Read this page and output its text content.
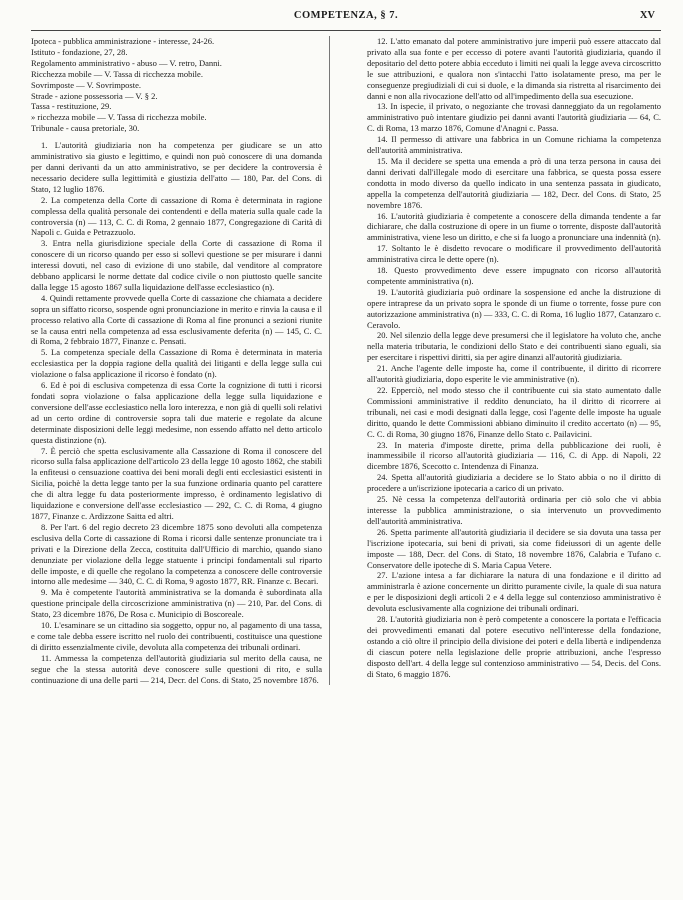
COMPETENZA, § 7.	XV

Ipoteca - pubblica amministrazione - interesse, 24-26.

Istituto - fondazione, 27, 28.

Regolamento amministrativo - abuso — V. retro, Danni.

Ricchezza mobile — V. Tassa di ricchezza mobile.

Sovrimposte — V. Sovrimposte.

Strade - azione possessoria — V. § 2.

Tassa - restituzione, 29.

» ricchezza mobile — V. Tassa di ricchezza mobile.

Tribunale - causa pretoriale, 30.

1. L'autorità giudiziaria non ha competenza per giudicare se un atto amministrativo sia giusto e legittimo, e quindi non può conoscere di una domanda per danni derivanti da un atto amministrativo, se per decidere la controversia è necessario decidere sulla legittimità e giustizia dell'atto — 180, Par. del Cons. di Stato, 12 luglio 1876.

2. La competenza della Corte di cassazione di Roma è determinata in ragione complessa della qualità personale dei contendenti e della materia sulla quale cade la controversia (n) — 113, C. C. di Roma, 2 gennaio 1877, Congregazione di Carità di Napoli c. Guida e Petrazzuolo.

3. Entra nella giurisdizione speciale della Corte di cassazione di Roma il conoscere di un ricorso quando per esso si sollevi questione se per misurare i danni interessi dovuti, nel caso di evizione di uno stabile, dal venditore al compratore debbano applicarsi le norme dettate dal codice civile o non piuttosto quelle sancite dalla legge 15 agosto 1867 sulla liquidazione dell'asse ecclesiastico (n).

4. Quindi rettamente provvede quella Corte di cassazione che chiamata a decidere sopra un siffatto ricorso, sospende ogni pronunciazione in merito e rinvia la causa e il processo relativo alla Corte di cassazione di Roma al fine pronunci a sezioni riunite se la causa entri nella competenza ad essa esclusivamente deferita (n) — 145, C. C. di Roma, 2 febbraio 1877, Finanze c. Pensati.

5. La competenza speciale della Cassazione di Roma è determinata in materia ecclesiastica per la doppia ragione della qualità dei litiganti e della legge sulla cui violazione o falsa applicazione il ricorso è fondato (n).

6. Ed è poi di esclusiva competenza di essa Corte la cognizione di tutti i ricorsi fondati sopra violazione o falsa applicazione della legge sulla liquidazione e conversione dell'asse ecclesiastico nella loro interezza, e non già di quelli soli relativi ad un certo ordine di controversie sopra tali due materie e regolate da alcune determinate disposizioni delle leggi medesime, non essendo affatto nel detto articolo questa distinzione (n).

7. È perciò che spetta esclusivamente alla Cassazione di Roma il conoscere del ricorso sulla falsa applicazione dell'articolo 23 della legge 10 agosto 1862, che stabilì la enfiteusi o censuazione coattiva dei beni morali degli enti ecclesiastici esistenti in Sicilia, poichè la detta legge tanto per la sua funzione ordinaria quanto pel carattere che di altra legge fu data posteriormente impresso, è ordinamento legislativo di liquidazione e conversione dell'asse ecclesiastico — 292, C. C. di Roma, 4 giugno 1877, Finanze c. Ardizzone Saitta ed altri.

8. Per l'art. 6 del regio decreto 23 dicembre 1875 sono devoluti alla competenza esclusiva della Corte di cassazione di Roma i ricorsi dalle sentenze pronunciate tra i privati e la Direzione della Zecca, costituita dall'Ufficio di marchio, quando siano denunziate per violazione della legge statuente i principi fondamentali sul riparto delle imposte, e di quelle che regolano la competenza a conoscere delle controversie intorno alle medesime — 340, C. C. di Roma, 9 agosto 1877, RR. Finanze c. Becari.

9. Ma è competente l'autorità amministrativa se la domanda è subordinata alla questione principale della circoscrizione amministrativa (n) — 210, Par. del Cons. di Stato, 23 dicembre 1876, De Rosa c. Municipio di Boscoreale.

10. L'esaminare se un cittadino sia soggetto, oppur no, al pagamento di una tassa, e come tale debba essere iscritto nel ruolo dei contribuenti, costituisce una questione di diritto essenzialmente civile, devoluta alla competenza dei tribunali ordinari.

11. Ammessa la competenza dell'autorità giudiziaria sul merito della causa, ne segue che la stessa autorità deve conoscere sulle questioni di rito, e sulla continuazione di una delle parti — 214, Decr. del Cons. di Stato, 25 novembre 1876.

12. L'atto emanato dal potere amministrativo jure imperii può essere attaccato dal privato alla sua fonte e per eccesso di potere avanti l'autorità giudiziaria, quando il depositario del detto potere abbia ecceduto i limiti nei quali la legge aveva circoscritto le sue attribuzioni, e qualora non s'intacchi l'atto isolatamente preso, ma per le conseguenze pregiudiziali di cui si duole, e la dimanda sia ristretta al risarcimento dei danni e non alla rivocazione dell'atto od all'impedimento della sua esecuzione.

13. In ispecie, il privato, o negoziante che trovasi danneggiato da un regolamento amministrativo può intentare giudizio pei danni avanti l'autorità giudiziaria — 64, C. C. di Roma, 13 marzo 1876, Comune d'Anagni c. Passa.

14. Il permesso di attivare una fabbrica in un Comune richiama la competenza dell'autorità amministrativa.

15. Ma il decidere se spetta una emenda a prò di una terza persona in causa dei danni derivati dall'illegale modo di esercitare una fabbrica, se questa possa essere condotta in modo diverso da quello indicato in una sentenza passata in giudicato, appella la competenza dell'autorità giudiziaria — 182, Decr. del Cons. di Stato, 25 novembre 1876.

16. L'autorità giudiziaria è competente a conoscere della dimanda tendente a far dichiarare, che dalla costruzione di opere in un fiume o torrente, disposte dall'autorità amministrativa, viene leso un diritto, e che si fa luogo a pronunciare una indennità (n).

17. Soltanto le è disdetto revocare o modificare il provvedimento dell'autorità amministrativa circa le dette opere (n).

18. Questo provvedimento deve essere impugnato con ricorso all'autorità competente amministrativa (n).

19. L'autorità giudiziaria può ordinare la sospensione ed anche la distruzione di opere intraprese da un privato sopra le sponde di un fiume o torrente, fosse pure con autorizzazione amministrativa (n) — 333, C. C. di Roma, 16 luglio 1877, Catanzaro c. Ceravolo.

20. Nel silenzio della legge deve presumersi che il legislatore ha voluto che, anche nella materia tributaria, le condizioni dello Stato e dei contribuenti siano eguali, sia per esercitare i rispettivi diritti, sia per agire dinanzi all'autorità giudiziaria.

21. Anche l'agente delle imposte ha, come il contribuente, il diritto di ricorrere all'autorità giudiziaria, dopo esperite le vie amministrative (n).

22. Epperciò, nel modo stesso che il contribuente cui sia stato aumentato dalle Commissioni amministrative il reddito denunciato, ha il diritto di ricorrere ai tribunali, nei casi e modi designati dalla legge, così l'agente delle imposte ha uguale diritto, quando le dette Commissioni abbiano diminuito il credito accertato (n) — 95, C. C. di Roma, 30 giugno 1876, Finanze dello Stato c. Pailavicini.

23. In materia d'imposte dirette, prima della pubblicazione dei ruoli, è inammessibile il ricorso all'autorità giudiziaria — 116, C. di App. di Napoli, 22 dicembre 1876, Scecotto c. Intendenza di Finanza.

24. Spetta all'autorità giudiziaria a decidere se lo Stato abbia o no il diritto di procedere a un'iscrizione ipotecaria a carico di un privato.

25. Nè cessa la competenza dell'autorità ordinaria per ciò solo che vi abbia interesse la pubblica amministrazione, o sia intervenuto un provvedimento dell'autorità amministrativa.

26. Spetta parimente all'autorità giudiziaria il decidere se sia dovuta una tassa per l'iscrizione ipotecaria, sui beni di privati, sia come fideiussori di un agente delle imposte — 188, Decr. del Cons. di Stato, 18 novembre 1876, Calabria e Tufano c. Conservatore delle ipoteche di S. Maria Capua Vetere.

27. L'azione intesa a far dichiarare la natura di una fondazione e il diritto ad amministrarla è azione concernente un diritto puramente civile, la quale di sua natura e per le disposizioni degli articoli 2 e 4 della legge sul contenzioso amministrativo è devoluta esclusivamente alla cognizione dei tribunali ordinari.

28. L'autorità giudiziaria non è però competente a conoscere la portata e l'efficacia dei provvedimenti emanati dal potere esecutivo nell'interesse della fondazione, ostando a ciò oltre il principio della divisione dei poteri e della libertà e indipendenza di ciascun potere nella legislazione delle proprie attribuzioni, anche l'espresso disposto dell'art. 4 della legge sul contenzioso amministrativo — 54, Decis. del Cons. di Stato, 6 maggio 1876.
